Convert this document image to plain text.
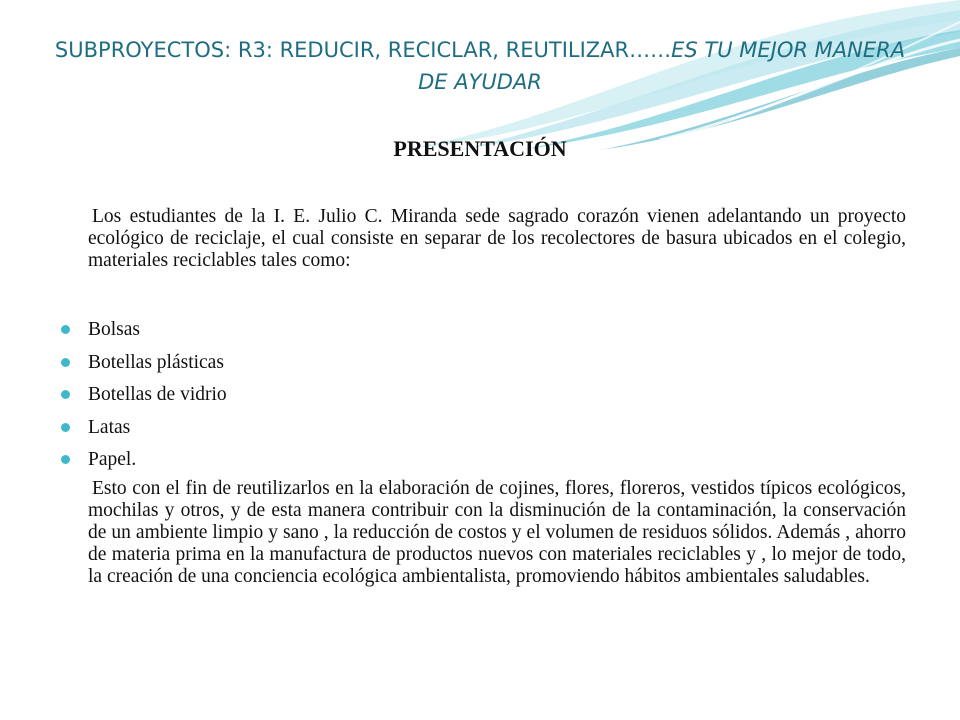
SUBPROYECTOS: R3: REDUCIR, RECICLAR, REUTILIZAR……ES TU MEJOR MANERA DE AYUDAR
PRESENTACIÓN

Los estudiantes de la I. E. Julio C. Miranda sede sagrado corazón vienen adelantando un proyecto ecológico de reciclaje, el cual consiste en separar de los recolectores de basura ubicados en el colegio, materiales reciclables tales como:

Bolsas
Botellas plásticas
Botellas de vidrio
Latas
Papel.

Esto con el fin de reutilizarlos en la elaboración de cojines, flores, floreros, vestidos típicos ecológicos, mochilas y otros, y de esta manera contribuir con la disminución de la contaminación, la conservación de un ambiente limpio y sano , la reducción de costos y el volumen de residuos sólidos. Además , ahorro de materia prima en la manufactura de productos nuevos con materiales reciclables y , lo mejor de todo, la creación de una conciencia ecológica ambientalista, promoviendo hábitos ambientales saludables.
